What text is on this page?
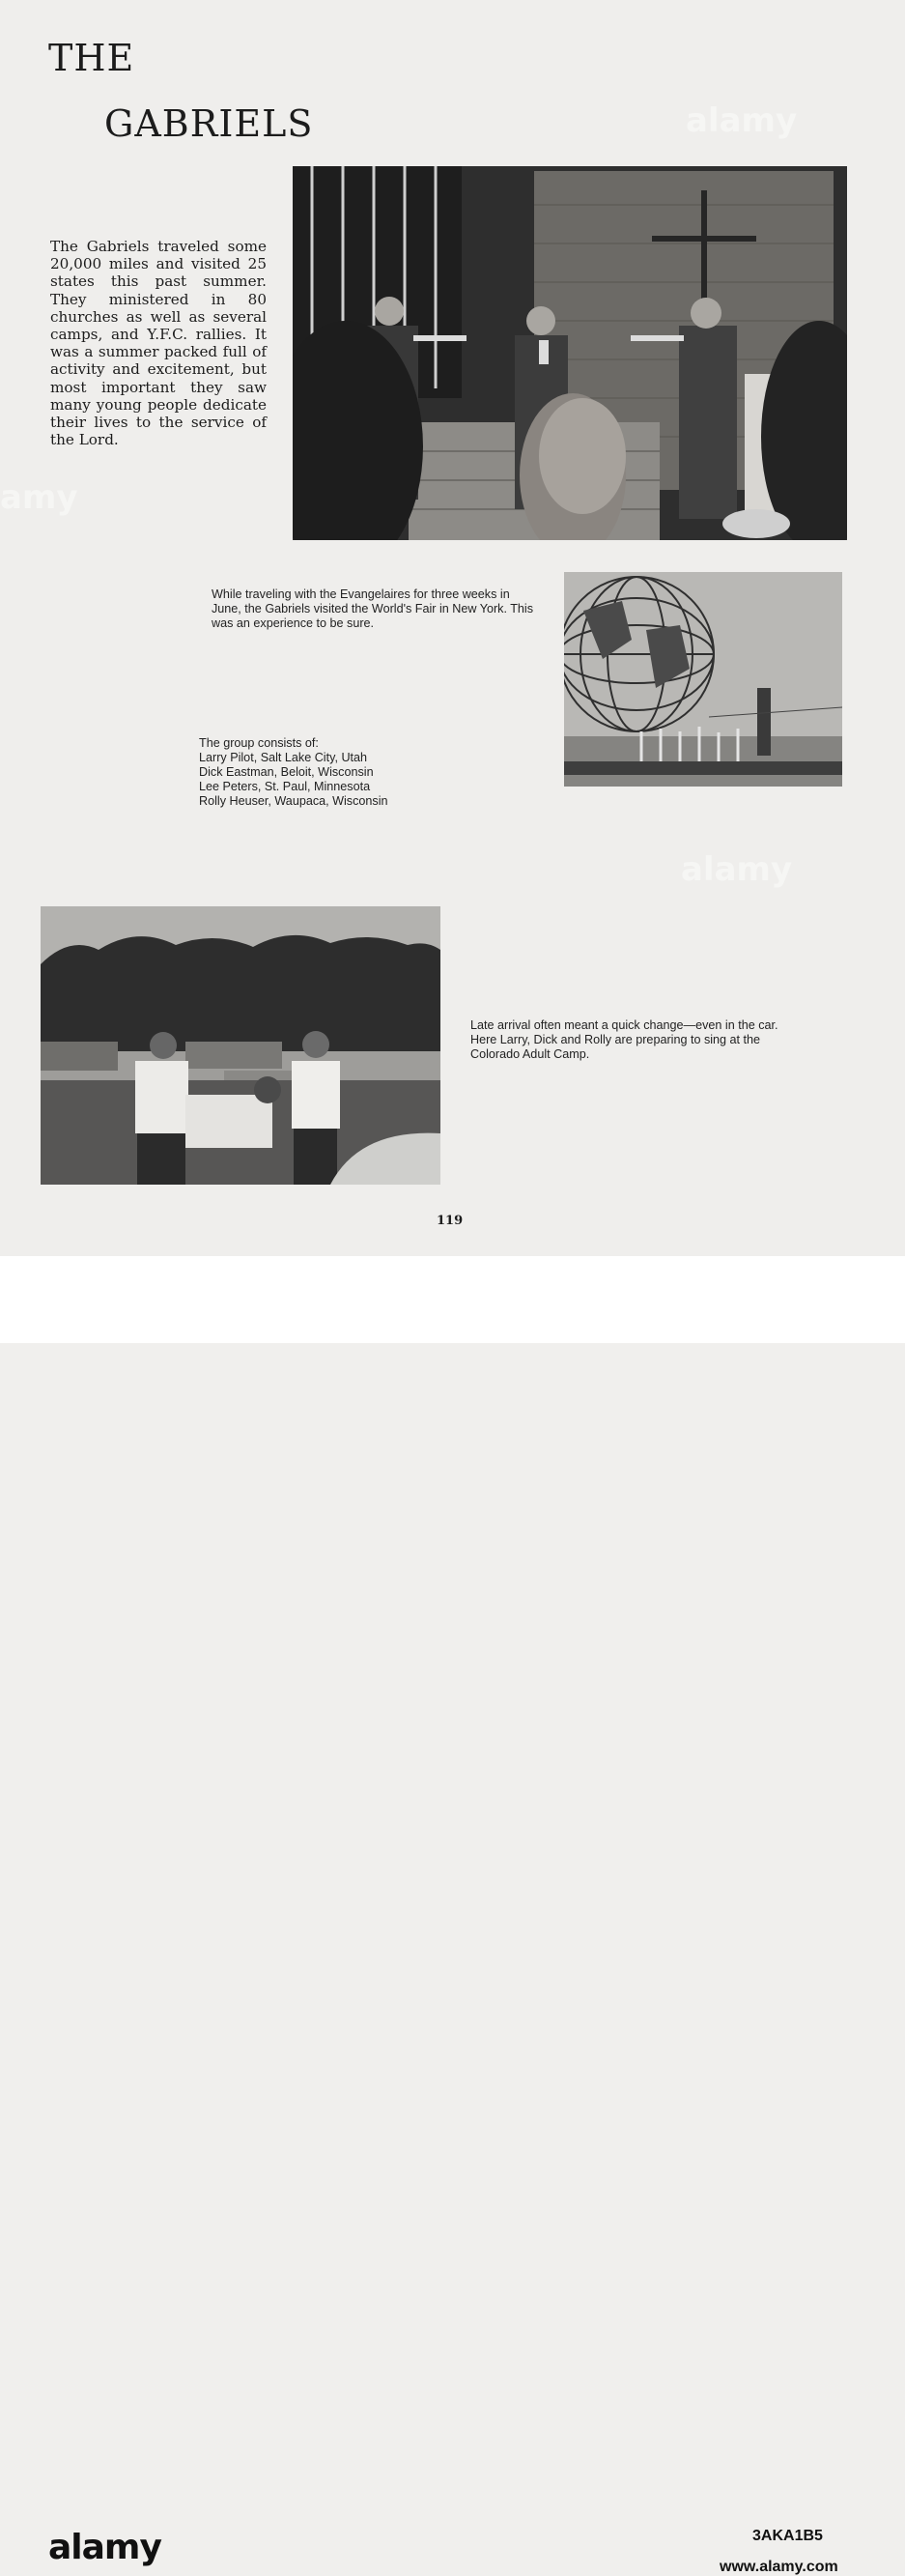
THE
GABRIELS

The Gabriels traveled some 20,000 miles and visited 25 states this past summer. They ministered in 80 churches as well as several camps, and Y.F.C. rallies. It was a summer packed full of activity and excitement, but most important they saw many young people dedicate their lives to the service of the Lord.

While traveling with the Evangelaires for three weeks in June, the Gabriels visited the World's Fair in New York. This was an experience to be sure.

The group consists of:
Larry Pilot, Salt Lake City, Utah
Dick Eastman, Beloit, Wisconsin
Lee Peters, St. Paul, Minnesota
Rolly Heuser, Waupaca, Wisconsin

Late arrival often meant a quick change—even in the car. Here Larry, Dick and Rolly are preparing to sing at the Colorado Adult Camp.

119
alamy
amy
alamy
alamy	3AKA1B5
www.alamy.com
